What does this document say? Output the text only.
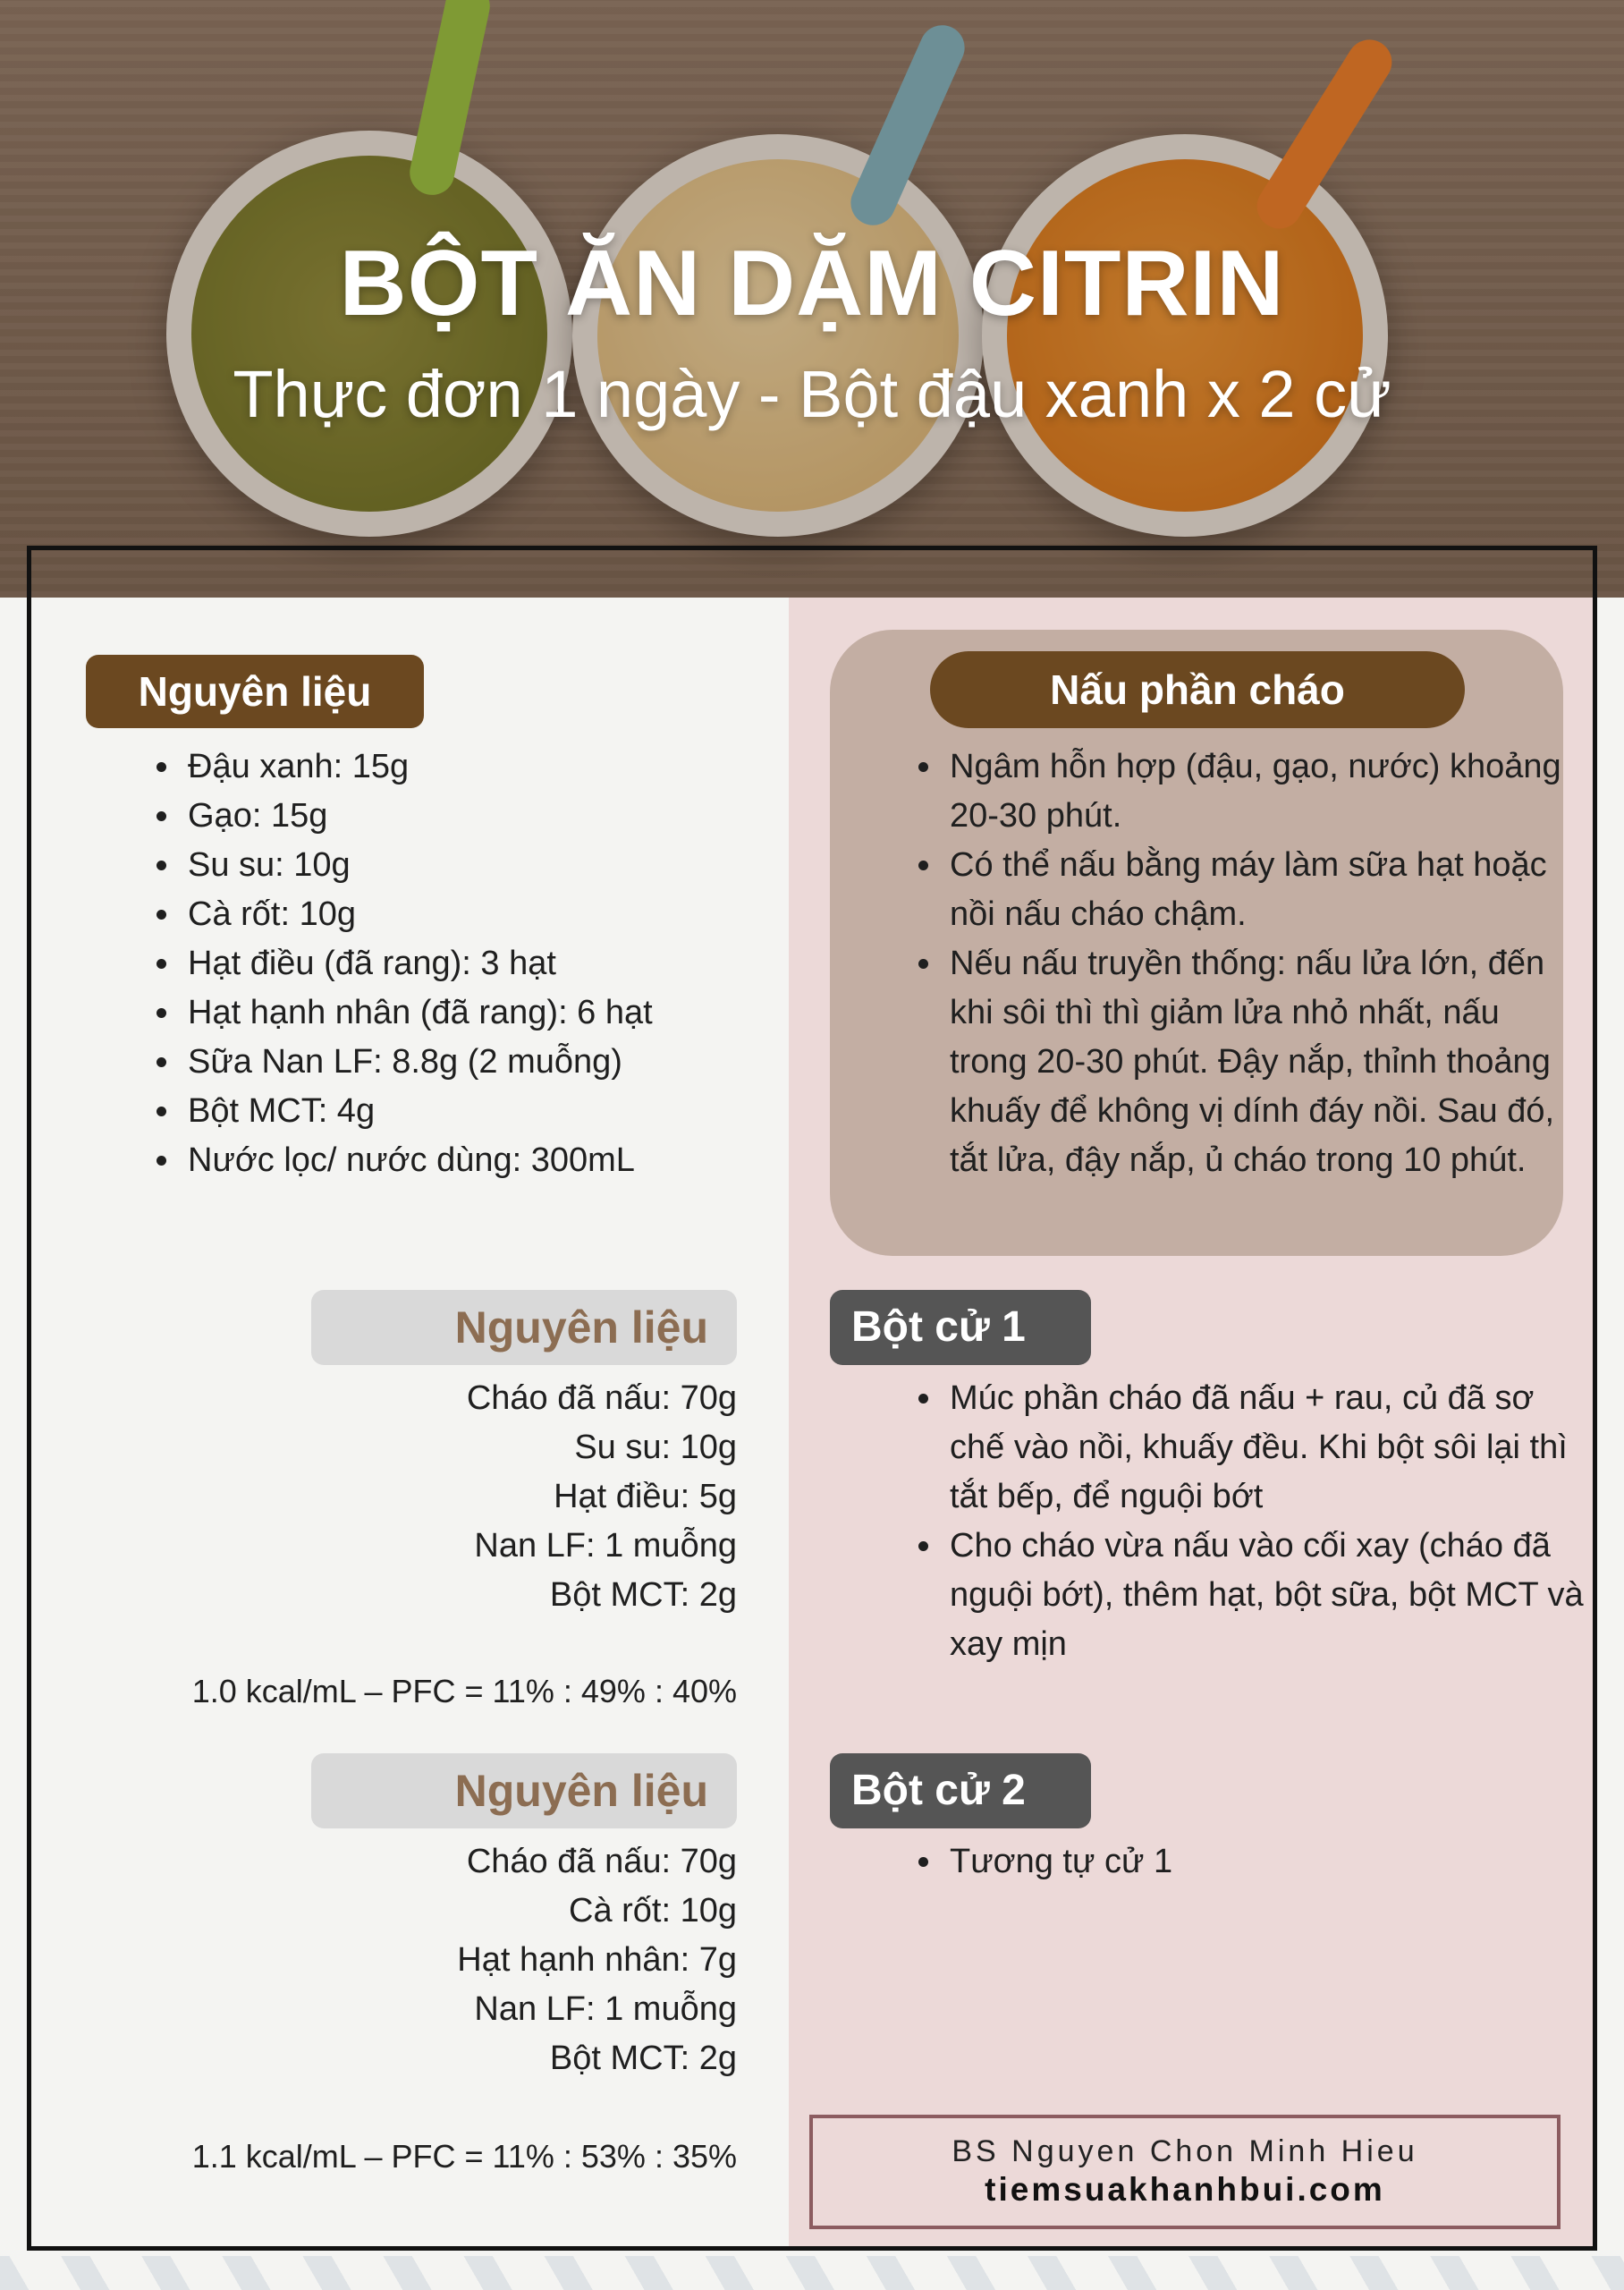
BỘT ĂN DẶM CITRIN
Thực đơn 1 ngày - Bột đậu xanh x 2 cử
Nguyên liệu
• Đậu xanh: 15g
• Gạo: 15g
• Su su: 10g
• Cà rốt: 10g
• Hạt điều (đã rang): 3 hạt
• Hạt hạnh nhân (đã rang): 6 hạt
• Sữa Nan LF: 8.8g (2 muỗng)
• Bột MCT: 4g
• Nước lọc/ nước dùng: 300mL
Nấu phần cháo
• Ngâm hỗn hợp (đậu, gạo, nước) khoảng 20-30 phút.
• Có thể nấu bằng máy làm sữa hạt hoặc nồi nấu cháo chậm.
• Nếu nấu truyền thống: nấu lửa lớn, đến khi sôi thì thì giảm lửa nhỏ nhất, nấu trong 20-30 phút. Đậy nắp, thỉnh thoảng khuấy để không vị dính đáy nồi. Sau đó, tắt lửa, đậy nắp, ủ cháo trong 10 phút.
Nguyên liệu
Cháo đã nấu: 70g
Su su: 10g
Hạt điều: 5g
Nan LF: 1 muỗng
Bột MCT: 2g
1.0 kcal/mL – PFC = 11% : 49% : 40%
Bột cử 1
• Múc phần cháo đã nấu + rau, củ đã sơ chế vào nồi, khuấy đều. Khi bột sôi lại thì tắt bếp, để nguội bớt
• Cho cháo vừa nấu vào cối xay (cháo đã nguội bớt), thêm hạt, bột sữa, bột MCT và xay mịn
Nguyên liệu
Cháo đã nấu: 70g
Cà rốt: 10g
Hạt hạnh nhân: 7g
Nan LF: 1 muỗng
Bột MCT: 2g
1.1 kcal/mL – PFC = 11% : 53% : 35%
Bột cử 2
• Tương tự cử 1
BS Nguyen Chon Minh Hieu
tiemsuakhanhbui.com
